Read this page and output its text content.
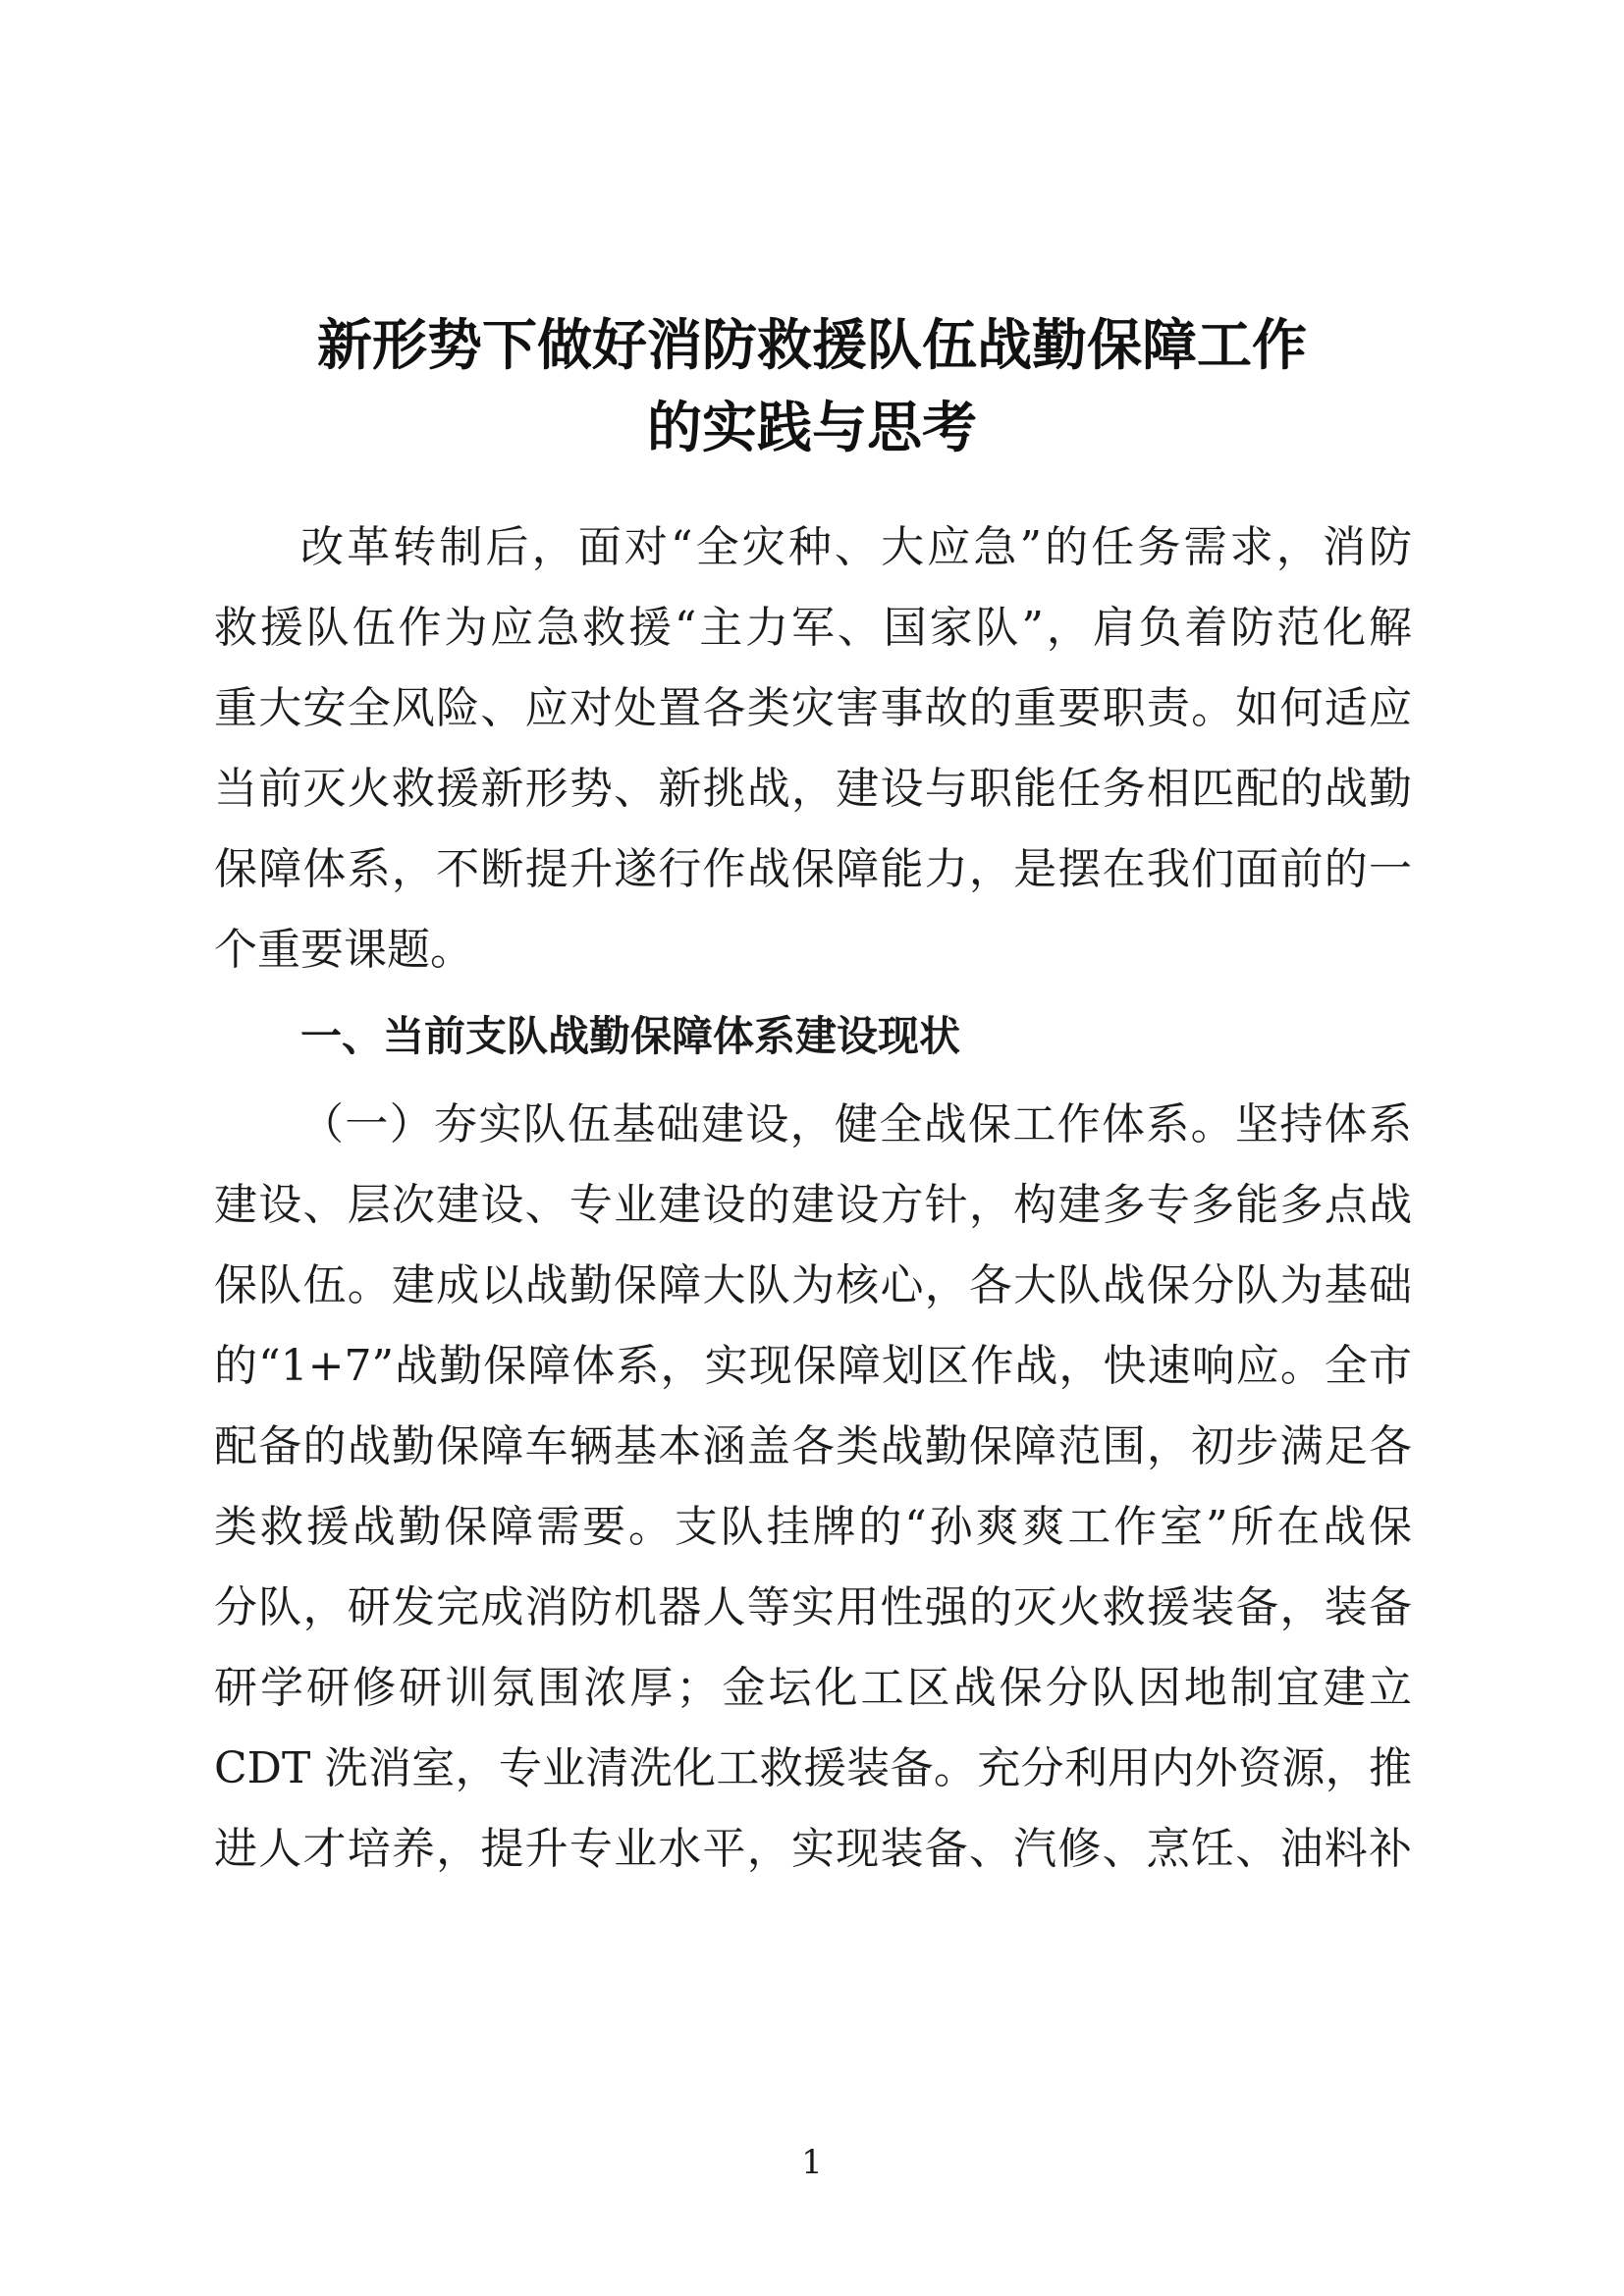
新形势下做好消防救援队伍战勤保障工作
的实践与思考
改革转制后，面对“全灾种、大应急”的任务需求，消防
救援队伍作为应急救援“主力军、国家队”，肩负着防范化解
重大安全风险、应对处置各类灾害事故的重要职责。如何适应
当前灭火救援新形势、新挑战，建设与职能任务相匹配的战勤
保障体系，不断提升遂行作战保障能力，是摆在我们面前的一
个重要课题。
一、当前支队战勤保障体系建设现状
（一）夯实队伍基础建设，健全战保工作体系。坚持体系
建设、层次建设、专业建设的建设方针，构建多专多能多点战
保队伍。建成以战勤保障大队为核心，各大队战保分队为基础
的“1+7”战勤保障体系，实现保障划区作战，快速响应。全市
配备的战勤保障车辆基本涵盖各类战勤保障范围，初步满足各
类救援战勤保障需要。支队挂牌的“孙爽爽工作室”所在战保
分队，研发完成消防机器人等实用性强的灭火救援装备，装备
研学研修研训氛围浓厚；金坛化工区战保分队因地制宜建立
CDT 洗消室，专业清洗化工救援装备。充分利用内外资源，推
进人才培养，提升专业水平，实现装备、汽修、烹饪、油料补
1
